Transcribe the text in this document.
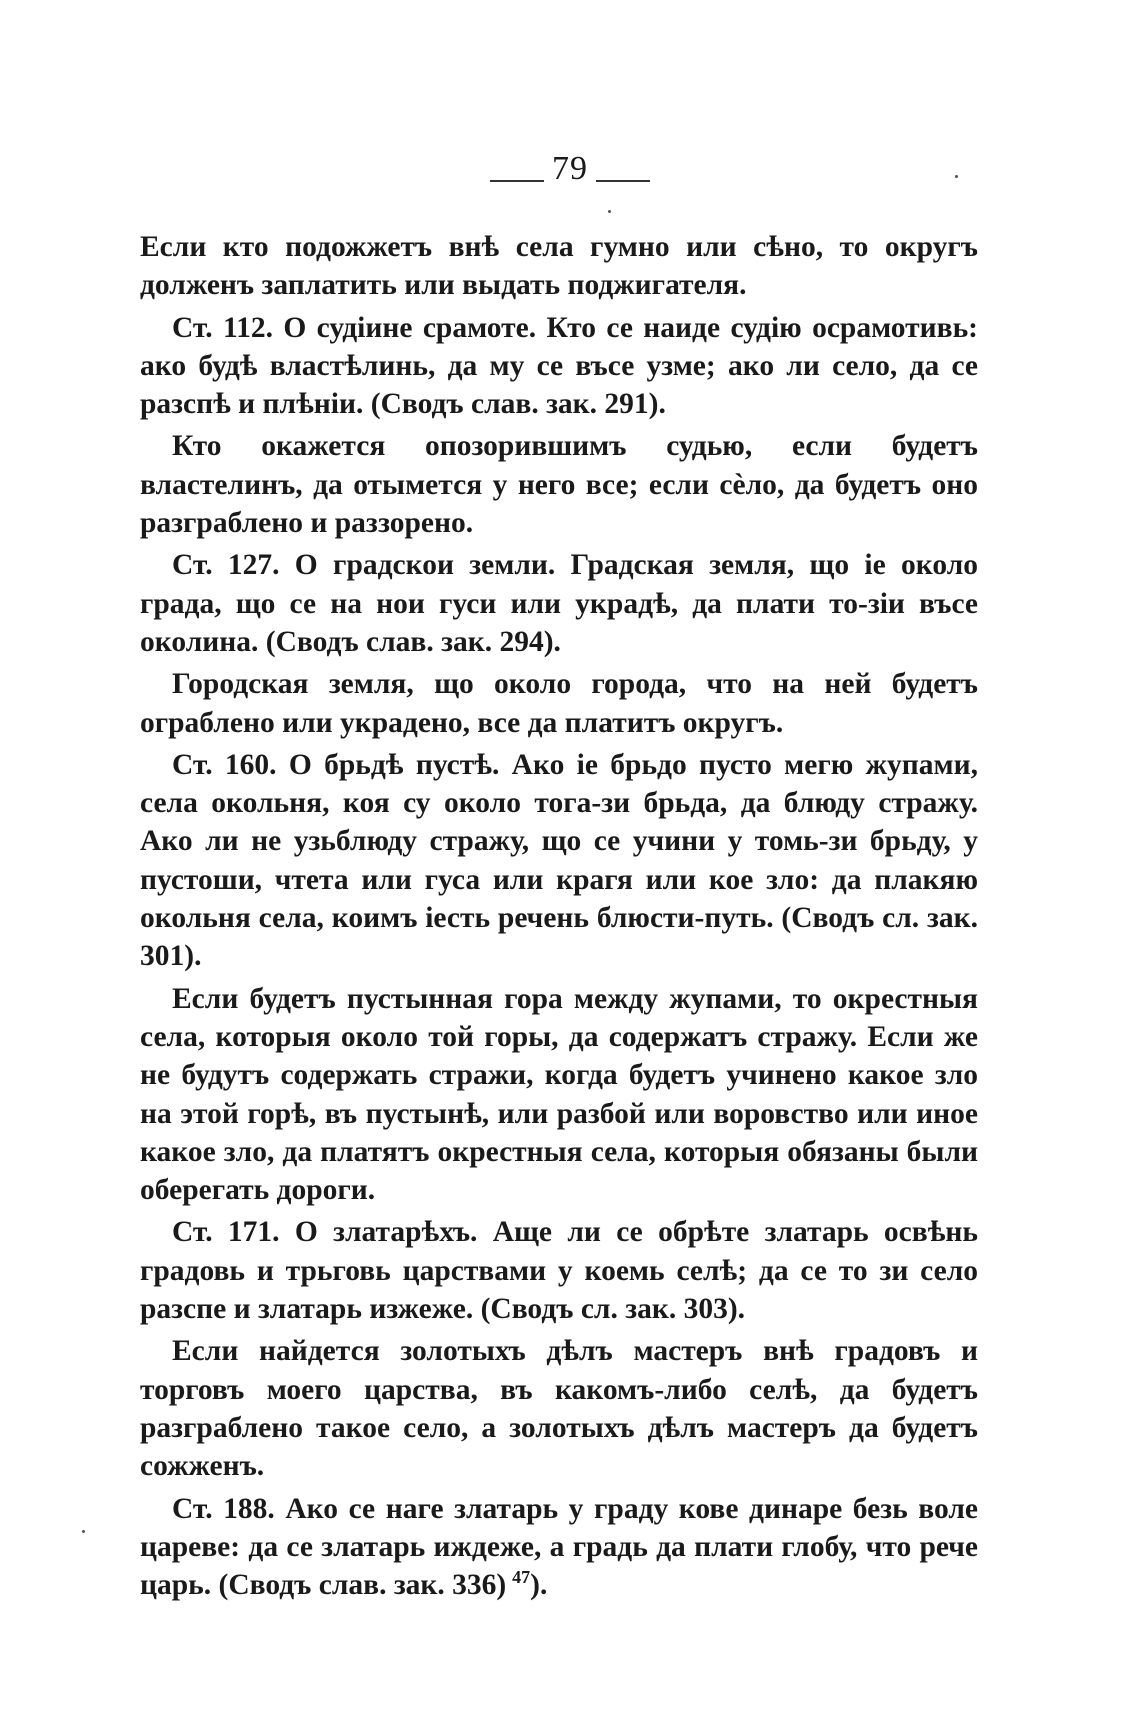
79

Если кто подожжетъ внѣ села гумно или сѣно, то округъ долженъ заплатить или выдать поджигателя.

Ст. 112. О судіине срамоте. Кто се наиде судію осрамотивь: ако будѣ властѣлинь, да му се въсе узме; ако ли село, да се разспѣ и плѣніи. (Сводъ слав. зак. 291).

Кто окажется опозорившимъ судью, если будетъ властелинъ, да отымется у него все; если сѐло, да будетъ оно разграблено и раззорено.

Ст. 127. О градскои земли. Градская земля, що іе около града, що се на нои гуси или украдѣ, да плати то-зіи въсе околина. (Сводъ слав. зак. 294).

Городская земля, що около города, что на ней будетъ ограблено или украдено, все да платитъ округъ.

Ст. 160. О брьдѣ пустѣ. Ако іе брьдо пусто мегю жупами, села окольня, коя су около тога-зи брьда, да блюду стражу. Ако ли не узьблюду стражу, що се учини у томь-зи брьду, у пустоши, чтета или гуса или крагя или кое зло: да плакяю окольня села, коимъ іесть речень блюсти-путь. (Сводъ сл. зак. 301).

Если будетъ пустынная гора между жупами, то окрестныя села, которыя около той горы, да содержатъ стражу. Если же не будутъ содержать стражи, когда будетъ учинено какое зло на этой горѣ, въ пустынѣ, или разбой или воровство или иное какое зло, да платятъ окрестныя села, которыя обязаны были оберегать дороги.

Ст. 171. О златарѣхъ. Аще ли се обрѣте златарь освѣнь градовь и трьговь царствами у коемь селѣ; да се то зи село разспе и златарь изжеже. (Сводъ сл. зак. 303).

Если найдется золотыхъ дѣлъ мастеръ внѣ градовъ и торговъ моего царства, въ какомъ-либо селѣ, да будетъ разграблено такое село, а золотыхъ дѣлъ мастеръ да будетъ сожженъ.

Ст. 188. Ако се наге златарь у граду кове динаре безь воле цареве: да се златарь иждеже, а градь да плати глобу, что рече царь. (Сводъ слав. зак. 336)  $^{47}$).
